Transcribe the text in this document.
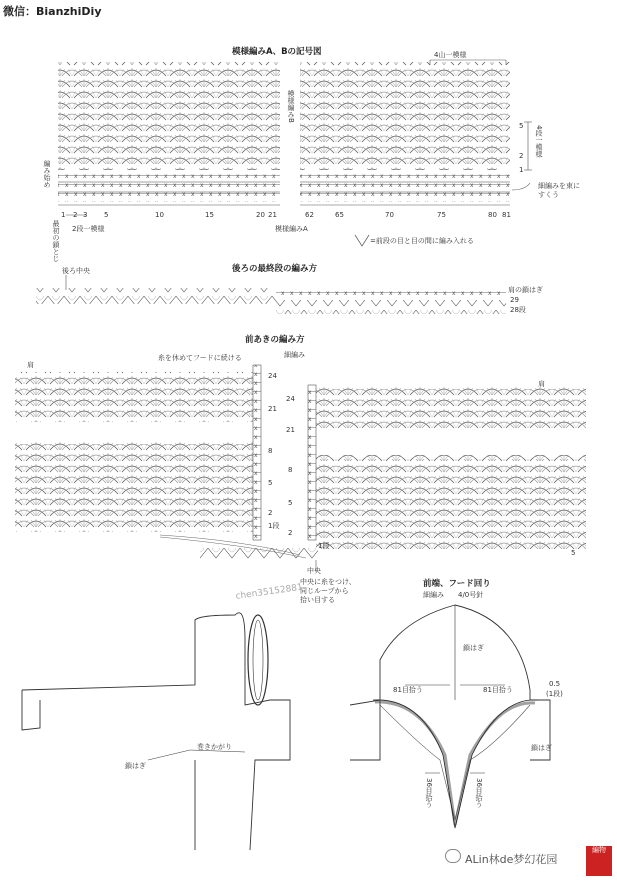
微信：BianzhiDiy
模様編みA、Bの記号図	4山一模様
模様編みB
編み始め
最初の鎖とじ 2段一模様	模様編みA
5
2
1
4段一模様
細編みを束にすくう
1 2 3 5	10	15	20 21	62	65	70	75	80 81
=前段の目と目の間に編み入れる
後ろの最終段の編み方
後ろ中央
肩の鎖はぎ
29
28段
前あきの編み方
糸を休めてフードに続ける	細編み
肩
肩
24
21
8
5
2
1段
24
21
8
5
2
1段
5
中央
中央に糸をつけ、
同じループから
拾い目する
chen35152881	前端、フード回り
細編み 4/0号針
鎖はぎ
81目拾う	81目拾う
0.5
(1段)
鎖はぎ
36目拾う	36目拾う
巻きかがり
鎖はぎ
ALin林de梦幻花园
編物
